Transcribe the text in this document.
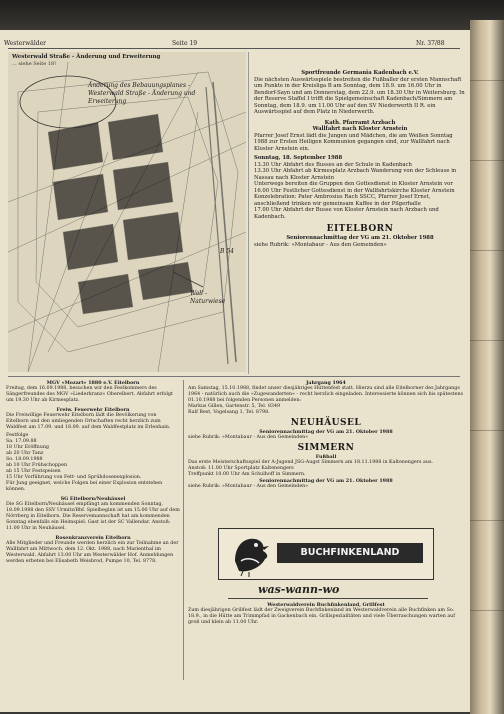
Westerwälder	Seite 19	Nr. 37/88
Westerwald Straße - Änderung und Erweiterung
... siehe Seite 18!
Änderung des Bebauungsplanes - Westerwald Straße - Änderung und Erweiterung
Wall - Naturwiese
B 54

Sportfreunde Germania Kadenbach e.V.

Die nächsten Auswärtsspiele bestreiten die Fußballer der ersten Mannschaft um Punkte in der Kreisliga B am Sonntag, dem 18.9. um 16.00 Uhr in Bendorf-Sayn und am Donnerstag, dem 22.9. um 18.30 Uhr in Weitersburg. In der Reserve Staffel I trifft die Spielgemeinschaft Kadenbach/Simmern am Sonntag, dem 18.9. um 11.00 Uhr auf den SV Niederwerth II R. ein Auswärtsspiel auf dem Platz in Niederwerth.

Kath. Pfarramt Arzbach

Wallfahrt nach Kloster Arnstein

Pfarrer Josef Ernst lädt die Jungen und Mädchen, die am Weißen Sonntag 1988 zur Ersten Heiligen Kommunion gegangen sind, zur Wallfahrt nach Kloster Arnstein ein.

Sonntag, 18. September 1988

13.30 Uhr Abfahrt des Busses an der Schule in Kadenbach
13.30 Uhr Abfahrt ab Kirmesplatz Arzbach Wanderung von der Schleuse in Nassau nach Kloster Arnstein
Unterwegs bereiten die Gruppen den Gottesdienst in Kloster Arnstein vor
16.00 Uhr Festlicher Gottesdienst in der Wallfahrtskirche Kloster Arnstein
Konzelebration: Pater Ambrosius Rach SSCC, Pfarrer Josef Ernst,
anschließend trinken wir gemeinsam Kaffee in der Pilgerhalle
17.00 Uhr Abfahrt der Busse von Kloster Arnstein nach Arzbach und Kadenbach.

EITELBORN

Seniorennachmittag der VG am 21. Oktober 1988

siehe Rubrik: »Montabaur - Aus den Gemeinden«

MGV »Mozart« 1880 e.V. Eitelborn

Freitag, dem 16.09.1988, besuchen wir den Festkommers des Sängerfreundes des MGV »Liederkranz« Oberelbert. Abfahrt erfolgt um 19.30 Uhr ab Kirmesplatz.

Freiw. Feuerwehr Eitelborn

Die Freiwillige Feuerwehr Eitelborn lädt die Bevölkerung von Eitelborn und den umliegenden Ortschaften recht herzlich zum Waldfest am 17.09. und 18.09. auf dem Waldfestplatz im Erlenhain.

Festfolge
Sa. 17.09.88
18 Uhr Eröffnung
ab 20 Uhr Tanz
So. 18.09.1988
ab 10 Uhr Frühschoppen
ab 15 Uhr Festspeisen
15 Uhr Vorführung von Fett- und Sprühdosenexplosion.
Für Jung geeignet, welche Folgen bei einer Explosion entstehen können.

SG Eitelborn/Neuhäusel

Die SG Eitelborn/Neuhäusel empfängt am kommenden Sonntag, 18.09.1988 den SSV Urmitz/Bhf. Spielbeginn ist um 15.00 Uhr auf dem Nörrberg in Eitelborn. Die Reservemannschaft hat am kommenden Sonntag ebenfalls ein Heimspiel. Gast ist der SC Vallendar. Anstoß: 11.00 Uhr in Neuhäusel.

Rosenkranzverein Eitelborn

Alle Mitglieder und Freunde werden herzlich ein zur Teilnahme an der Wallfahrt am Mittwoch, dem 12. Okt. 1988, nach Marienthal im Westerwald. Abfahrt 13.00 Uhr am Westerwälder Hof. Anmeldungen werden erbeten bei Elisabeth Weisbrod, Pumpe 10, Tel. 8778.

Jahrgang 1964

Am Samstag, 15.10.1988, findet unser diesjähriges Hüttenfest statt. Hierzu sind alle Eitelborner des Jahrgangs 1964 - natürlich auch die »Zugewanderten« - recht herzlich eingeladen. Interessierte können sich bis spätestens 01.10.1988 bei folgenden Personen anmelden:
Markus Gillen, Gartenstr. 5, Tel. 8349
Ralf Best, Vogelsang 1, Tel. 8798.

NEUHÄUSEL

Seniorennachmittag der VG am 21. Oktober 1988

siehe Rubrik: »Montabaur - Aus den Gemeinden«

SIMMERN

Fußball

Das erste Meisterschaftsspiel der A-Jugend JSG-Augst Simmern am 18.11.1988 in Kaltenengers aus.
Anstoß: 11.00 Uhr Sportplatz Kaltenengers
Treffpunkt 10.00 Uhr Am Schulhoff in Simmern.

Seniorennachmittag der VG am 21. Oktober 1988

siehe Rubrik: »Montabaur - Aus den Gemeinden«

BUCHFINKENLAND
was-wann-wo

Westerwaldverein Buchfinkenland, Grillfest

Zum diesjährigen Grillfest lädt der Zweigverein Buchfinkenland im Westerwaldverein alle Buchfinken am So. 18.9., in die Hütte am Trimmpfad in Gackenbach ein. Grillspezialitäten und viele Überraschungen warten auf groß und klein ab 11.00 Uhr.
